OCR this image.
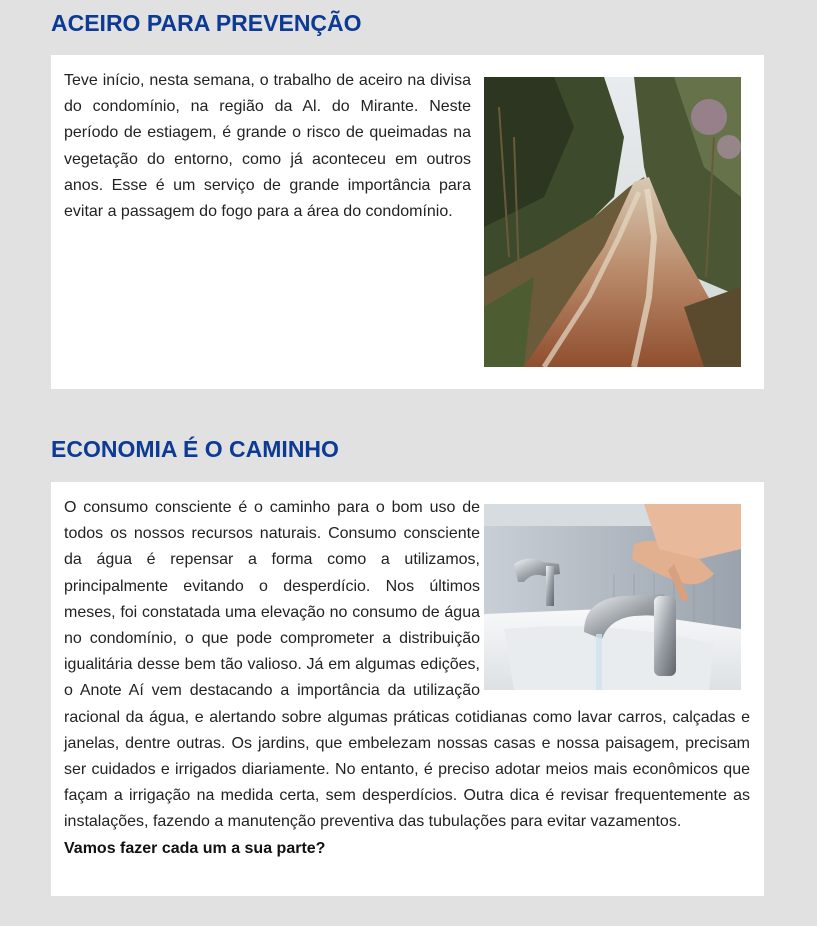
ACEIRO PARA PREVENÇÃO

Teve início, nesta semana, o trabalho de aceiro na divisa do condomínio, na região da Al. do Mirante. Neste período de estiagem, é grande o risco de queimadas na vegetação do entorno, como já aconteceu em outros anos. Esse é um serviço de grande importância para evitar a passagem do fogo para a área do condomínio.

ECONOMIA É O CAMINHO

O consumo consciente é o caminho para o bom uso de todos os nossos recursos naturais. Consumo consciente da água é repensar a forma como a utilizamos, principalmente evitando o desperdício. Nos últimos meses, foi constatada uma elevação no consumo de água no condomínio, o que pode comprometer a distribuição igualitária desse bem tão valioso. Já em algumas edições, o Anote Aí vem destacando a importância da utilização racional da água, e alertando sobre algumas práticas cotidianas como lavar carros, calçadas e janelas, dentre outras. Os jardins, que embelezam nossas casas e nossa paisagem, precisam ser cuidados e irrigados diariamente. No entanto, é preciso adotar meios mais econômicos que façam a irrigação na medida certa, sem desperdícios. Outra dica é revisar frequentemente as instalações, fazendo a manutenção preventiva das tubulações para evitar vazamentos.
Vamos fazer cada um a sua parte?
